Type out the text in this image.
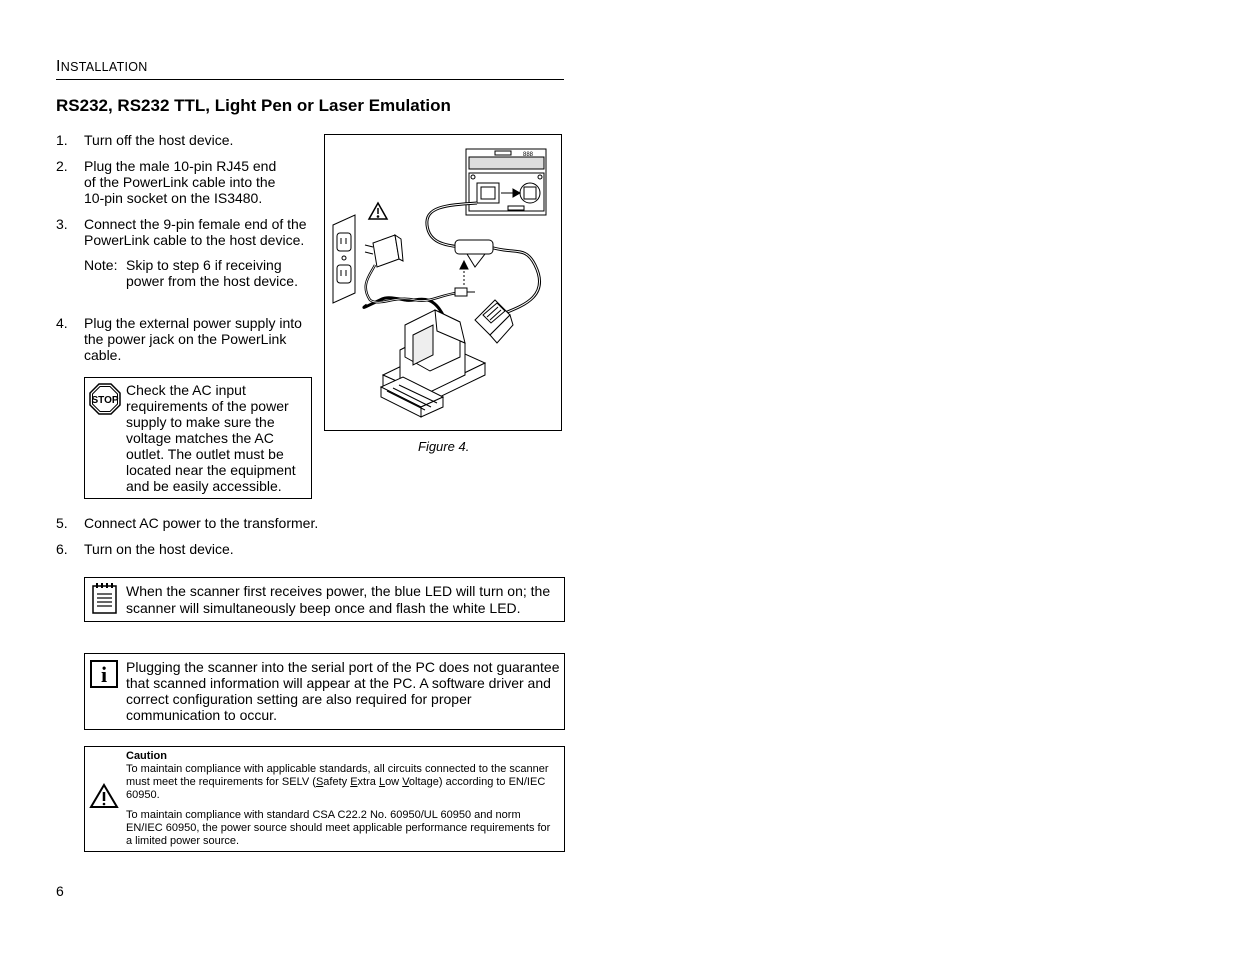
INSTALLATION
RS232, RS232 TTL, Light Pen or Laser Emulation
1.	Turn off the host device.
2.	Plug the male 10-pin RJ45 end
of the PowerLink cable into the
10-pin socket on the IS3480.
3.	Connect the 9-pin female end of the
PowerLink cable to the host device.
Note: Skip to step 6 if receiving
power from the host device.
4.	Plug the external power supply into
the power jack on the PowerLink
cable.
STOP
Check the AC input
requirements of the power
supply to make sure the
voltage matches the AC
outlet. The outlet must be
located near the equipment
and be easily accessible.
888
Figure 4.
5.	Connect AC power to the transformer.
6.	Turn on the host device.
When the scanner first receives power, the blue LED will turn on; the
scanner will simultaneously beep once and flash the white LED.
i Plugging the scanner into the serial port of the PC does not guarantee
that scanned information will appear at the PC. A software driver and
correct configuration setting are also required for proper
communication to occur.
Caution
To maintain compliance with applicable standards, all circuits connected to the scanner
must meet the requirements for SELV (Safety Extra Low Voltage) according to EN/IEC
60950.
To maintain compliance with standard CSA C22.2 No. 60950/UL 60950 and norm
EN/IEC 60950, the power source should meet applicable performance requirements for
a limited power source.
6
